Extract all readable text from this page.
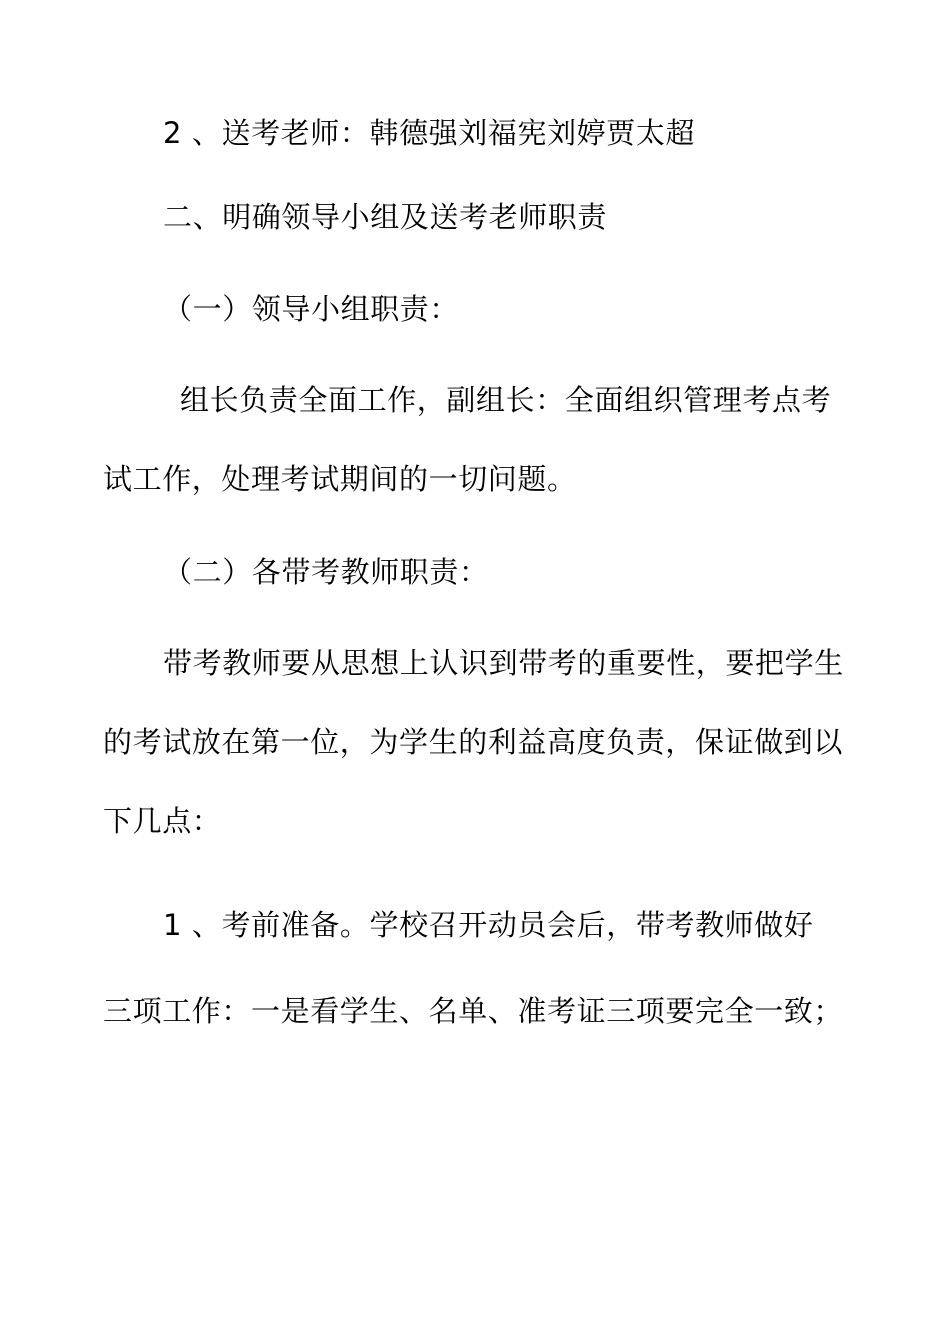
2 、送考老师：韩德强刘福宪刘婷贾太超
二、明确领导小组及送考老师职责
（一）领导小组职责：
组长负责全面工作，副组长：全面组织管理考点考
试工作，处理考试期间的一切问题。
（二）各带考教师职责：
带考教师要从思想上认识到带考的重要性，要把学生
的考试放在第一位，为学生的利益高度负责，保证做到以
下几点：
1 、考前准备。学校召开动员会后，带考教师做好
三项工作：一是看学生、名单、准考证三项要完全一致；
